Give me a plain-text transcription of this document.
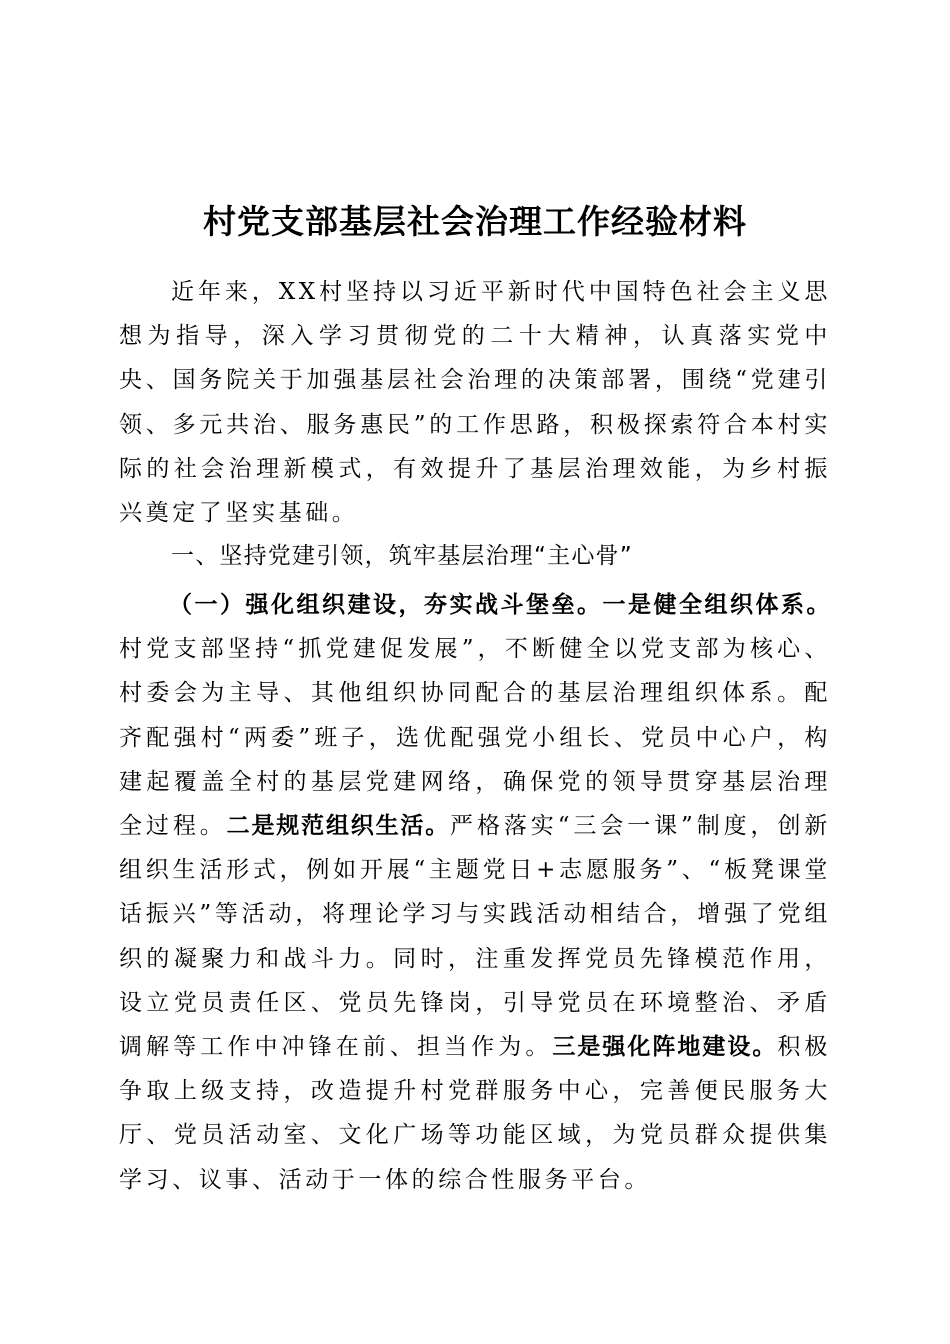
村党支部基层社会治理工作经验材料

近年来，XX村坚持以习近平新时代中国特色社会主义思想为指导，深入学习贯彻党的二十大精神，认真落实党中央、国务院关于加强基层社会治理的决策部署，围绕“党建引领、多元共治、服务惠民”的工作思路，积极探索符合本村实际的社会治理新模式，有效提升了基层治理效能，为乡村振兴奠定了坚实基础。

一、坚持党建引领，筑牢基层治理“主心骨”

（一）强化组织建设，夯实战斗堡垒。一是健全组织体系。村党支部坚持“抓党建促发展”，不断健全以党支部为核心、村委会为主导、其他组织协同配合的基层治理组织体系。配齐配强村“两委”班子，选优配强党小组长、党员中心户，构建起覆盖全村的基层党建网络，确保党的领导贯穿基层治理全过程。二是规范组织生活。严格落实“三会一课”制度，创新组织生活形式，例如开展“主题党日+志愿服务”、“板凳课堂话振兴”等活动，将理论学习与实践活动相结合，增强了党组织的凝聚力和战斗力。同时，注重发挥党员先锋模范作用，设立党员责任区、党员先锋岗，引导党员在环境整治、矛盾调解等工作中冲锋在前、担当作为。三是强化阵地建设。积极争取上级支持，改造提升村党群服务中心，完善便民服务大厅、党员活动室、文化广场等功能区域，为党员群众提供集学习、议事、活动于一体的综合性服务平台。
